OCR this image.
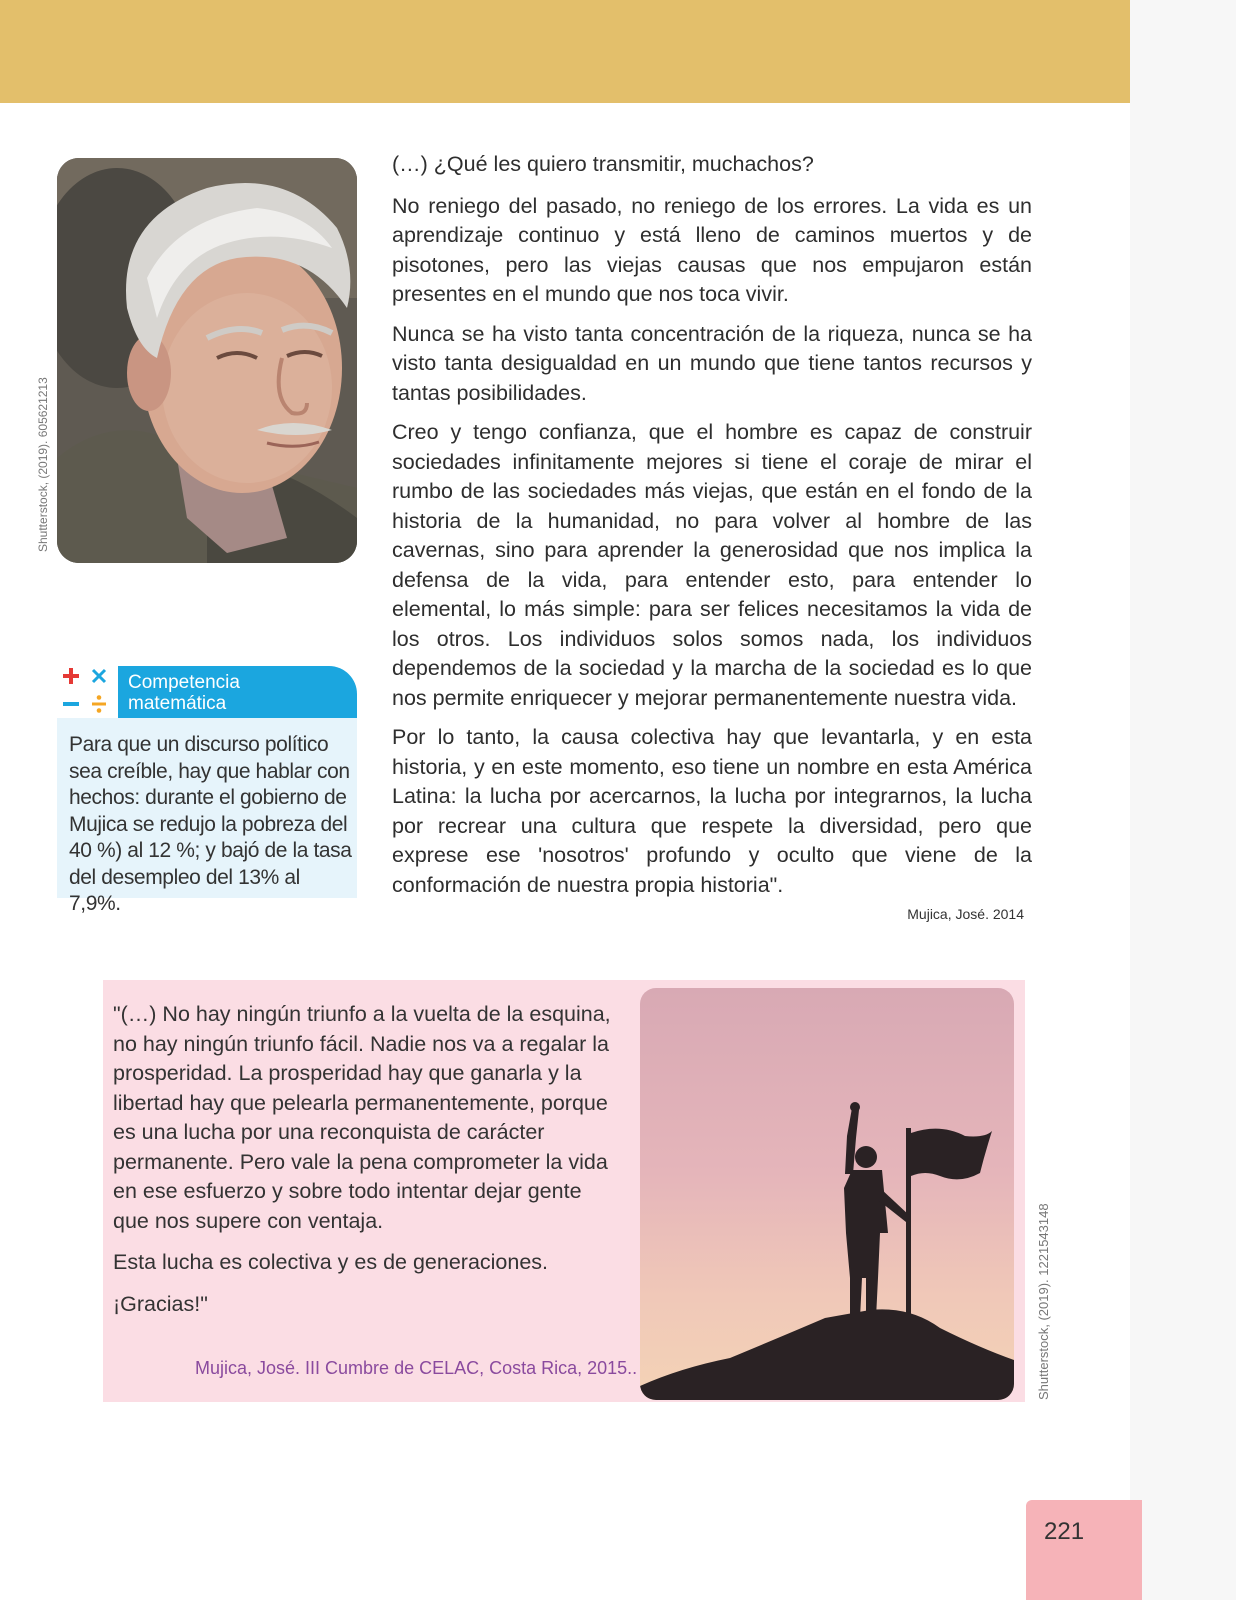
Shutterstock, (2019). 605621213
Competencia
matemática
Para que un discurso político sea creíble, hay que hablar con hechos: durante el gobierno de Mujica se redujo la pobreza del 40 %) al 12 %; y bajó de la tasa del desempleo del 13% al 7,9%.

(…) ¿Qué les quiero transmitir, muchachos?

No reniego del pasado, no reniego de los errores. La vida es un aprendizaje continuo y está lleno de caminos muertos y de pisotones, pero las viejas causas que nos empujaron están presentes en el mundo que nos toca vivir.

Nunca se ha visto tanta concentración de la riqueza, nunca se ha visto tanta desigualdad en un mundo que tiene tantos recursos y tantas posibilidades.

Creo y tengo confianza, que el hombre es capaz de construir sociedades infinitamente mejores si tiene el coraje de mirar el rumbo de las sociedades más viejas, que están en el fondo de la historia de la humanidad, no para volver al hombre de las cavernas, sino para aprender la generosidad que nos implica la defensa de la vida, para entender esto, para entender lo elemental, lo más simple: para ser felices necesitamos la vida de los otros. Los individuos solos somos nada, los individuos dependemos de la sociedad y la marcha de la sociedad es lo que nos permite enriquecer y mejorar permanentemente nuestra vida.

Por lo tanto, la causa colectiva hay que levantarla, y en esta historia, y en este momento, eso tiene un nombre en esta América Latina: la lucha por acercarnos, la lucha por integrarnos, la lucha por recrear una cultura que respete la diversidad, pero que exprese ese 'nosotros' profundo y oculto que viene de la conformación de nuestra propia historia".

Mujica, José. 2014

"(…) No hay ningún triunfo a la vuelta de la esquina, no hay ningún triunfo fácil. Nadie nos va a regalar la prosperidad. La prosperidad hay que ganarla y la libertad hay que pelearla permanentemente, porque es una lucha por una reconquista de carácter permanente. Pero vale la pena comprometer la vida en ese esfuerzo y sobre todo intentar dejar gente que nos supere con ventaja.

Esta lucha es colectiva y es de generaciones.

¡Gracias!"

Mujica, José. III Cumbre de CELAC, Costa Rica, 2015..	Shutterstock, (2019). 1221543148
221
